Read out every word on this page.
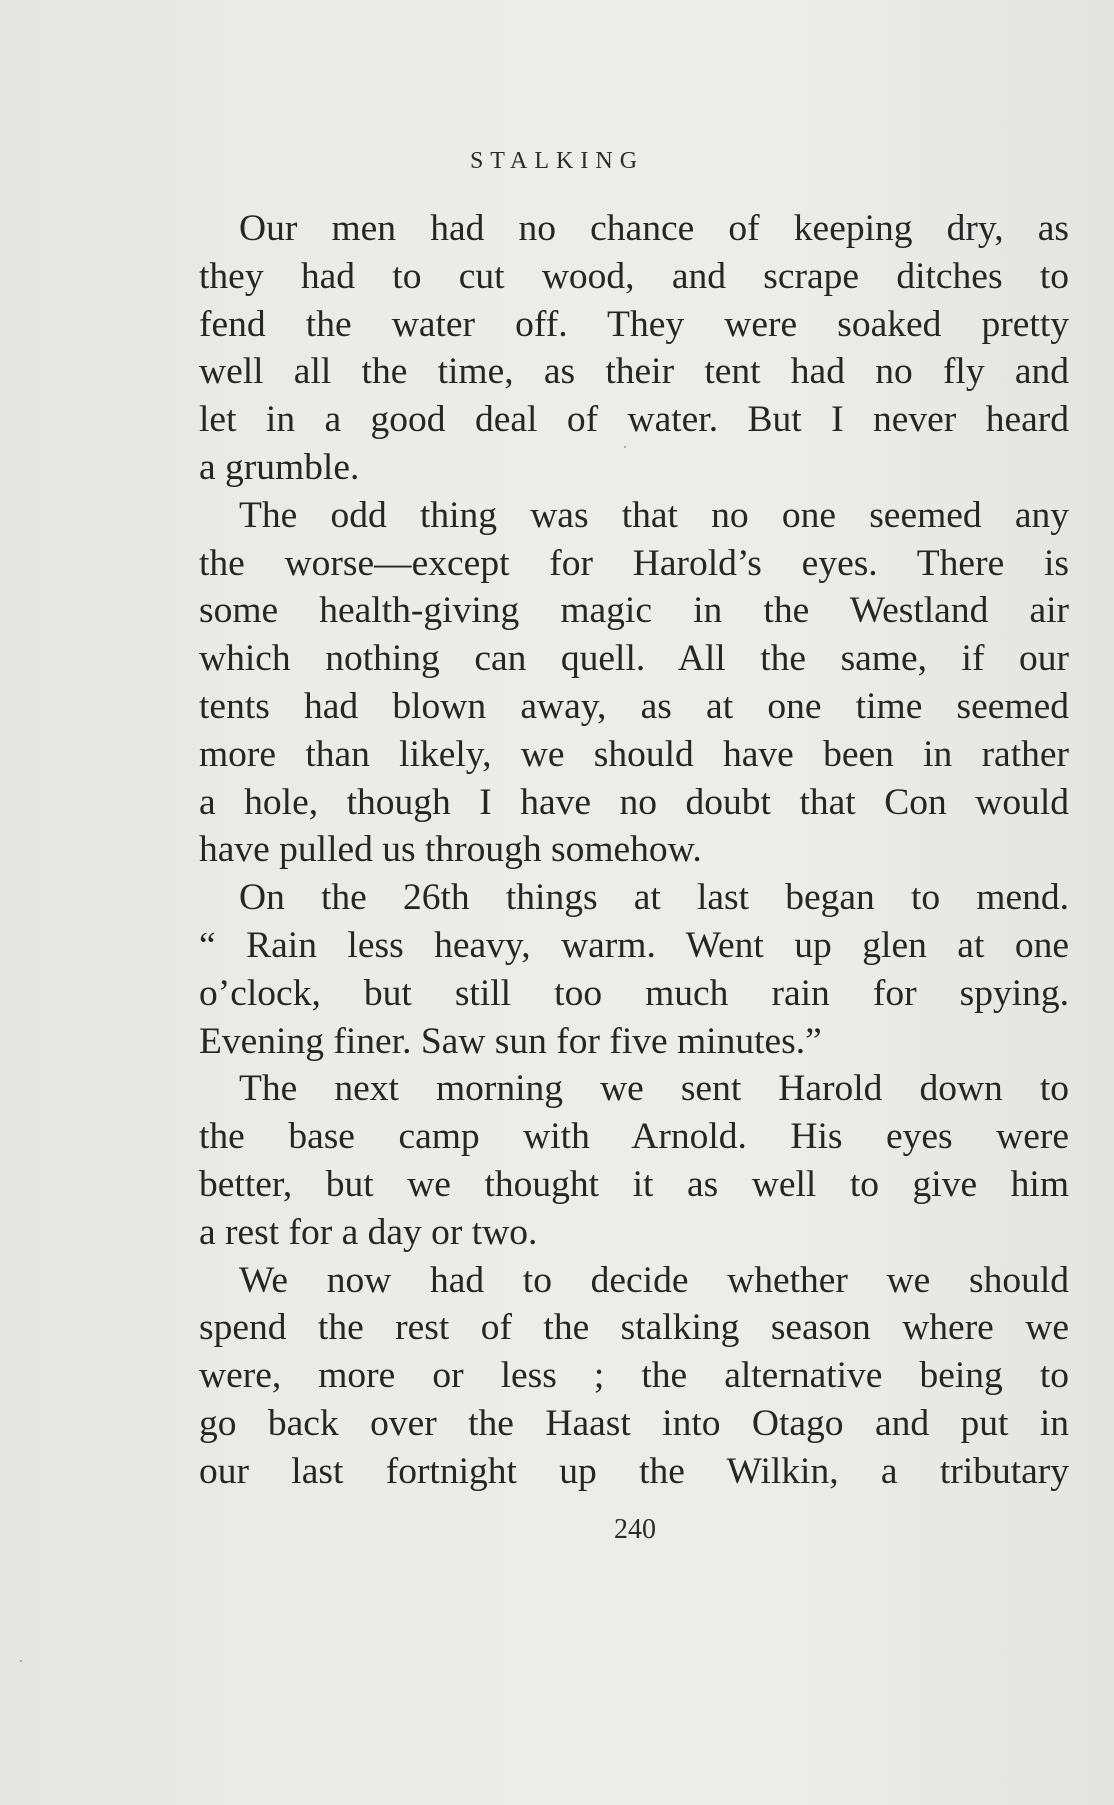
STALKING
Our men had no chance of keeping dry, as
they had to cut wood, and scrape ditches to
fend the water off. They were soaked pretty
well all the time, as their tent had no fly and
let in a good deal of water. But I never heard
a grumble.
The odd thing was that no one seemed any
the worse—except for Harold’s eyes. There is
some health-giving magic in the Westland air
which nothing can quell. All the same, if our
tents had blown away, as at one time seemed
more than likely, we should have been in rather
a hole, though I have no doubt that Con would
have pulled us through somehow.
On the 26th things at last began to mend.
“ Rain less heavy, warm. Went up glen at one
o’clock, but still too much rain for spying.
Evening finer. Saw sun for five minutes.”
The next morning we sent Harold down to
the base camp with Arnold. His eyes were
better, but we thought it as well to give him
a rest for a day or two.
We now had to decide whether we should
spend the rest of the stalking season where we
were, more or less ; the alternative being to
go back over the Haast into Otago and put in
our last fortnight up the Wilkin, a tributary
240
